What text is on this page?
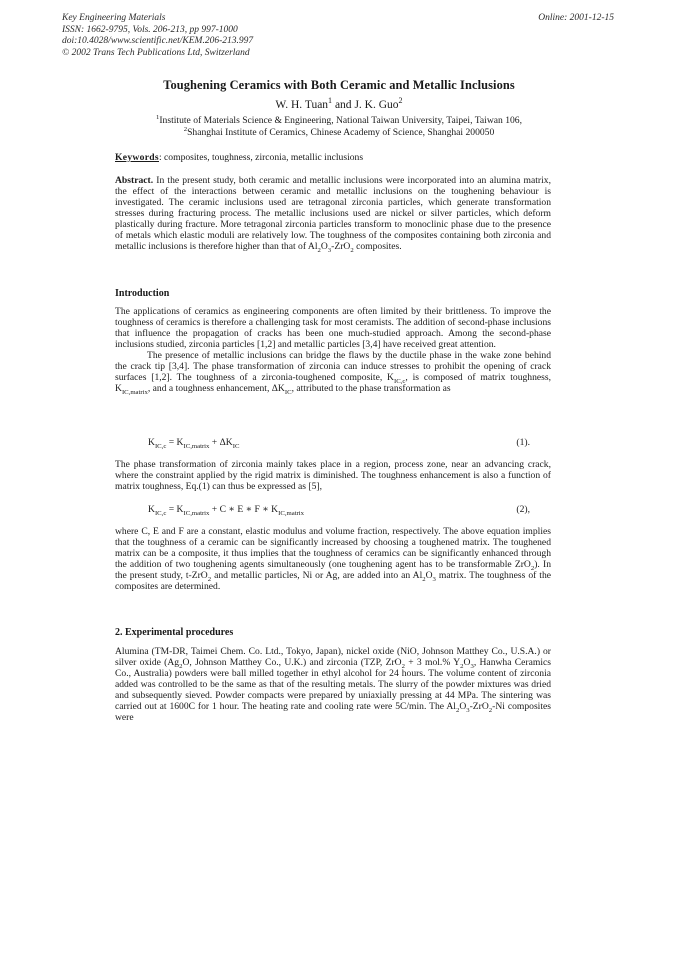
Key Engineering Materials
ISSN: 1662-9795, Vols. 206-213, pp 997-1000
doi:10.4028/www.scientific.net/KEM.206-213.997
© 2002 Trans Tech Publications Ltd, Switzerland
Online: 2001-12-15
Toughening Ceramics with Both Ceramic and Metallic Inclusions
W. H. Tuan$^1$ and J. K. Guo$^2$
$^1$Institute of Materials Science & Engineering, National Taiwan University, Taipei, Taiwan 106,
$^2$Shanghai Institute of Ceramics, Chinese Academy of Science, Shanghai 200050
Keywords: composites, toughness, zirconia, metallic inclusions
Abstract. In the present study, both ceramic and metallic inclusions were incorporated into an alumina matrix, the effect of the interactions between ceramic and metallic inclusions on the toughening behaviour is investigated. The ceramic inclusions used are tetragonal zirconia particles, which generate transformation stresses during fracturing process. The metallic inclusions used are nickel or silver particles, which deform plastically during fracture. More tetragonal zirconia particles transform to monoclinic phase due to the presence of metals which elastic moduli are relatively low. The toughness of the composites containing both zirconia and metallic inclusions is therefore higher than that of $Al_2O_3-ZrO_2$ composites.
Introduction

The applications of ceramics as engineering components are often limited by their brittleness. To improve the toughness of ceramics is therefore a challenging task for most ceramists. The addition of second-phase inclusions that influence the propagation of cracks has been one much-studied approach. Among the second-phase inclusions studied, zirconia particles [1,2] and metallic particles [3,4] have received great attention.

The presence of metallic inclusions can bridge the flaws by the ductile phase in the wake zone behind the crack tip [3,4]. The phase transformation of zirconia can induce stresses to prohibit the opening of crack surfaces [1,2]. The toughness of a zirconia-toughened composite, $K_{IC,c}$, is composed of matrix toughness, $K_{IC,matrix}$, and a toughness enhancement, $\Delta K_{IC}$, attributed to the phase transformation as

$K_{IC,c} = K_{IC,matrix} + \Delta K_{IC}$	(1).
The phase transformation of zirconia mainly takes place in a region, process zone, near an advancing crack, where the constraint applied by the rigid matrix is diminished. The toughness enhancement is also a function of matrix toughness, Eq.(1) can thus be expressed as [5],
$K_{IC,c} = K_{IC,matrix} + C$ ∗ E ∗ F ∗ $K_{IC,matrix}$	(2),
where C, E and F are a constant, elastic modulus and volume fraction, respectively. The above equation implies that the toughness of a ceramic can be significantly increased by choosing a toughened matrix. The toughened matrix can be a composite, it thus implies that the toughness of ceramics can be significantly enhanced through the addition of two toughening agents simultaneously (one toughening agent has to be transformable ZrO$_2$). In the present study, t-ZrO$_2$ and metallic particles, Ni or Ag, are added into an $Al_2O_3$ matrix. The toughness of the composites are determined.
2. Experimental procedures
Alumina (TM-DR, Taimei Chem. Co. Ltd., Tokyo, Japan), nickel oxide (NiO, Johnson Matthey Co., U.S.A.) or silver oxide ($Ag_2O$, Johnson Matthey Co., U.K.) and zirconia (TZP, ZrO$_2$ + 3 mol.% $Y_2O_3$, Hanwha Ceramics Co., Australia) powders were ball milled together in ethyl alcohol for 24 hours. The volume content of zirconia added was controlled to be the same as that of the resulting metals. The slurry of the powder mixtures was dried and subsequently sieved. Powder compacts were prepared by uniaxially pressing at 44 MPa. The sintering was carried out at 1600C for 1 hour. The heating rate and cooling rate were 5C/min. The $Al_2O_3-ZrO_2-Ni$ composites were
